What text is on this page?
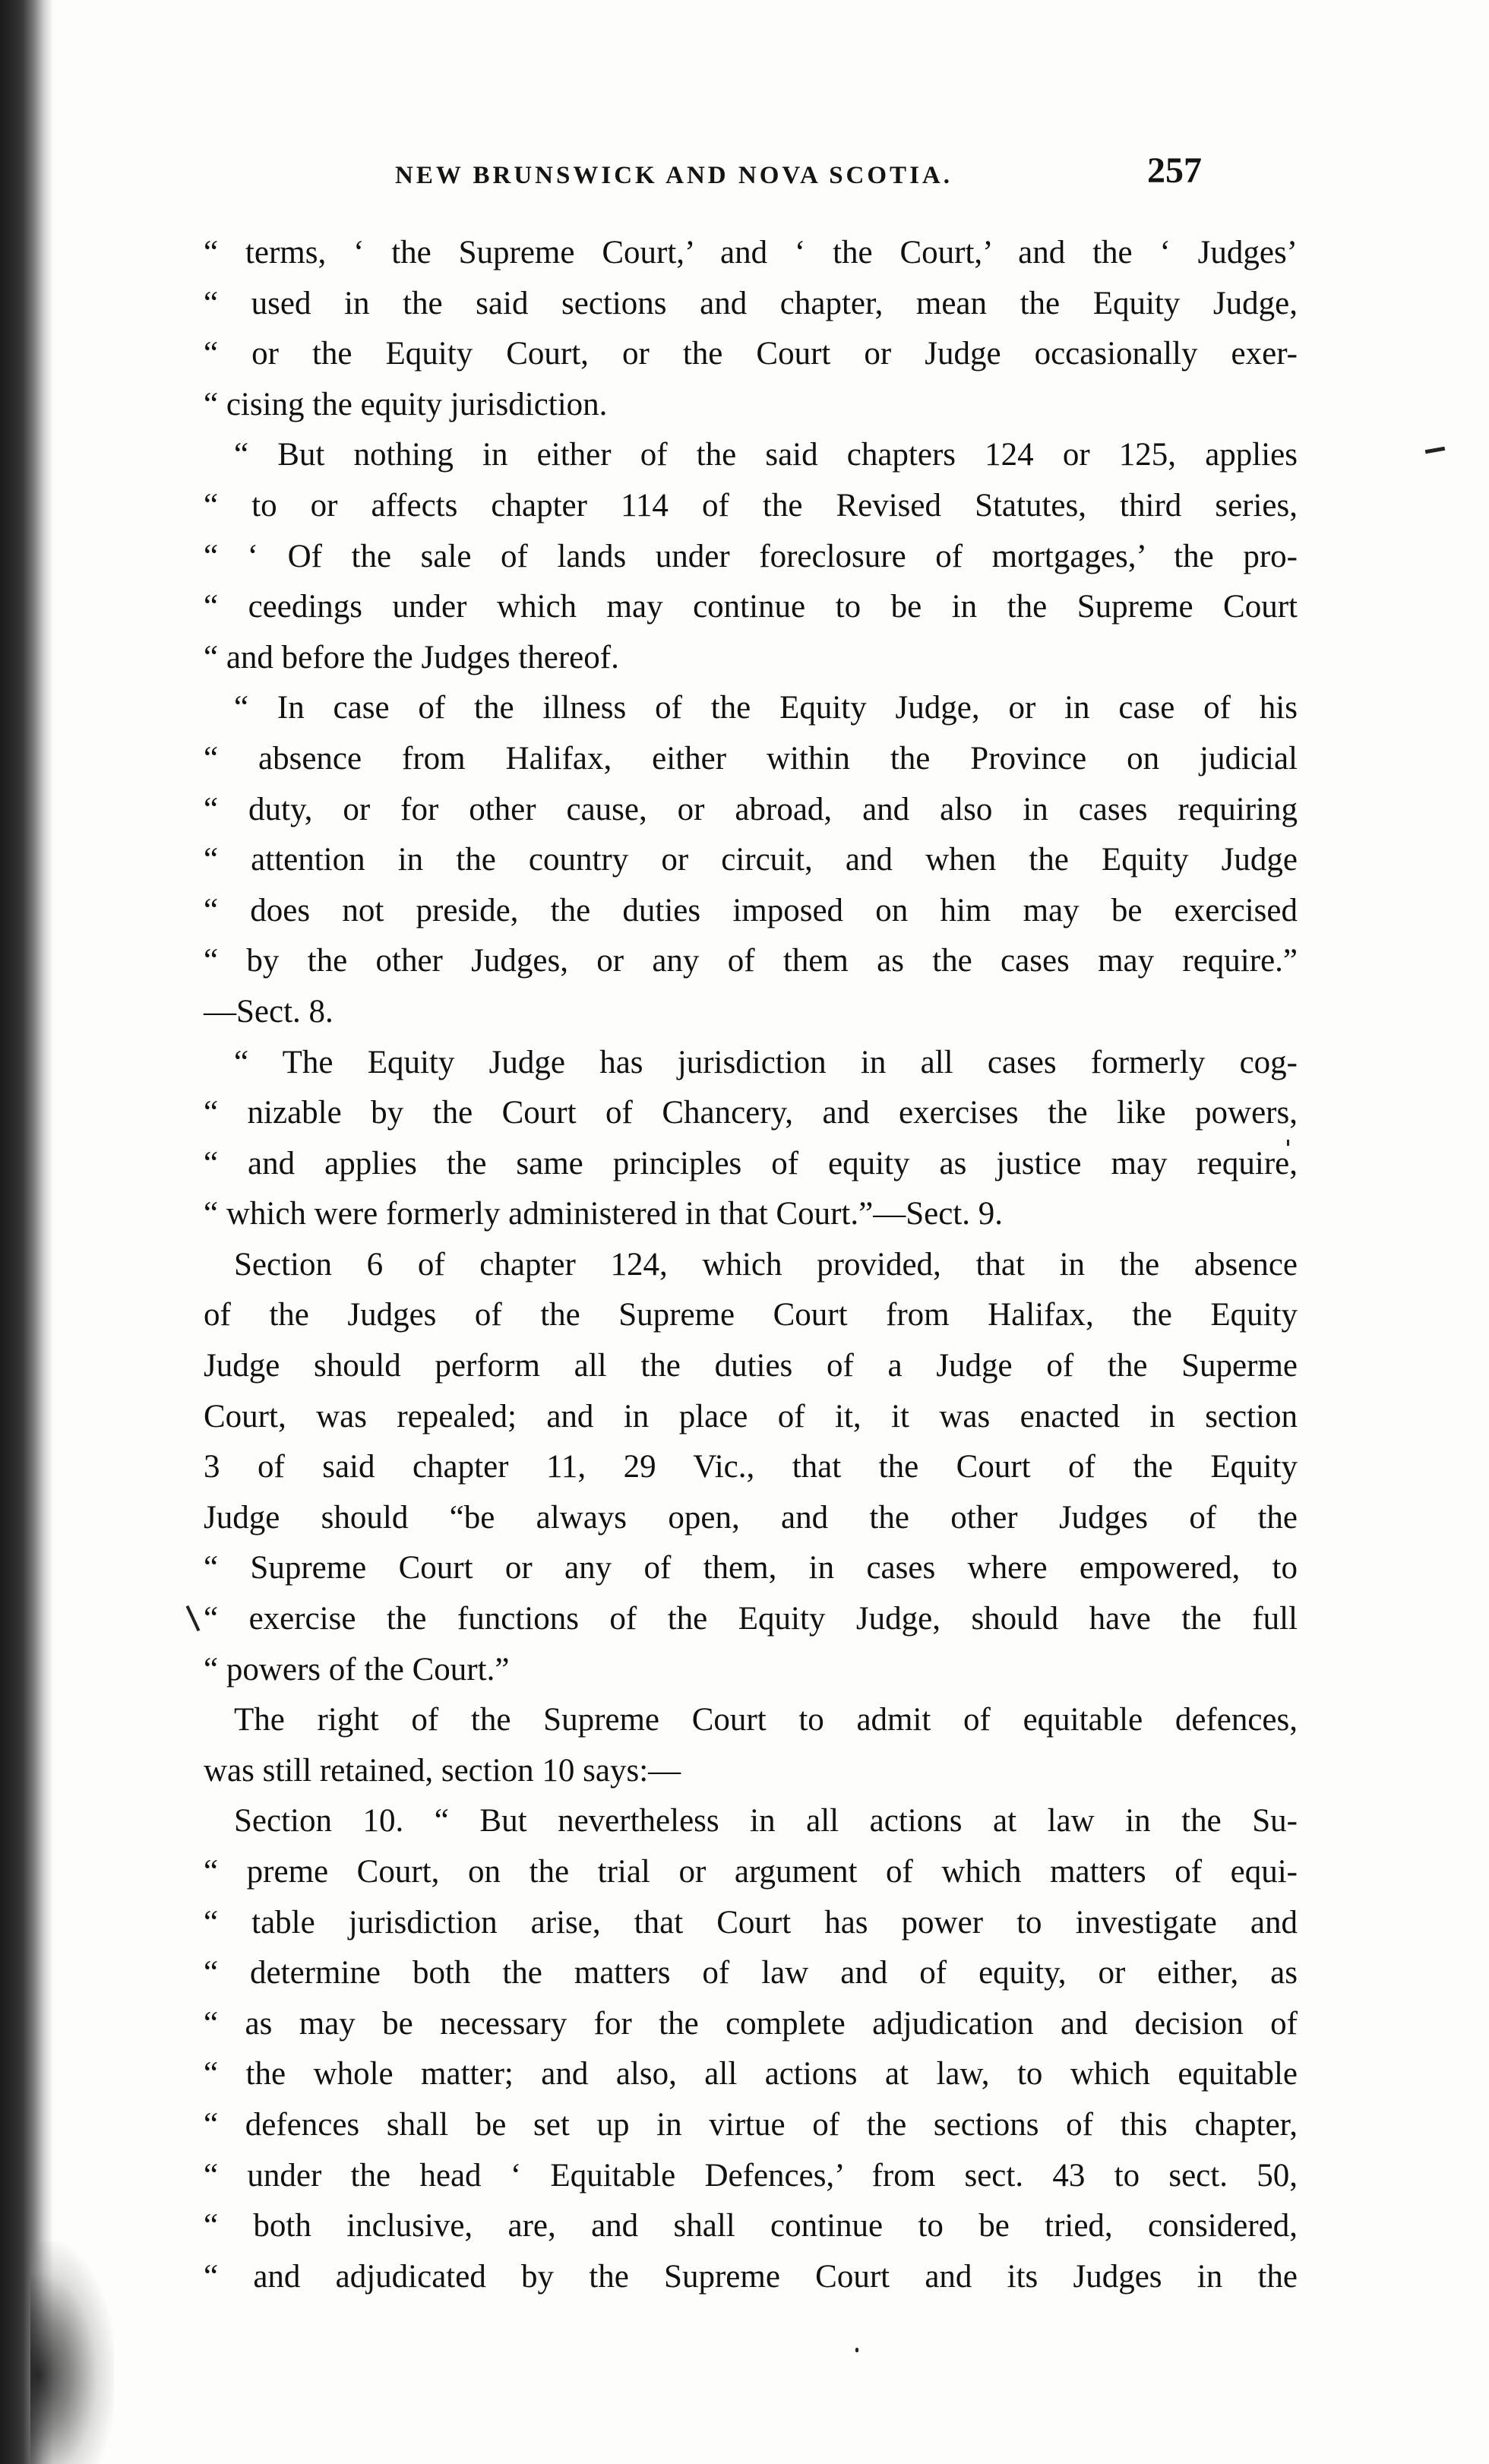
NEW BRUNSWICK AND NOVA SCOTIA.	257
“ terms, ‘ the Supreme Court,’ and ‘ the Court,’ and the ‘ Judges’
“ used in the said sections and chapter, mean the Equity Judge,
“ or the Equity Court, or the Court or Judge occasionally exer-
“ cising the equity jurisdiction.
“ But nothing in either of the said chapters 124 or 125, applies
“ to or affects chapter 114 of the Revised Statutes, third series,
“ ‘ Of the sale of lands under foreclosure of mortgages,’ the pro-
“ ceedings under which may continue to be in the Supreme Court
“ and before the Judges thereof.
“ In case of the illness of the Equity Judge, or in case of his
“ absence from Halifax, either within the Province on judicial
“ duty, or for other cause, or abroad, and also in cases requiring
“ attention in the country or circuit, and when the Equity Judge
“ does not preside, the duties imposed on him may be exercised
“ by the other Judges, or any of them as the cases may require.”
—Sect. 8.
“ The Equity Judge has jurisdiction in all cases formerly cog-
“ nizable by the Court of Chancery, and exercises the like powers,
“ and applies the same principles of equity as justice may require,
“ which were formerly administered in that Court.”—Sect. 9.
Section 6 of chapter 124, which provided, that in the absence
of the Judges of the Supreme Court from Halifax, the Equity
Judge should perform all the duties of a Judge of the Superme
Court, was repealed; and in place of it, it was enacted in section
3 of said chapter 11, 29 Vic., that the Court of the Equity
Judge should “be always open, and the other Judges of the
“ Supreme Court or any of them, in cases where empowered, to
“ exercise the functions of the Equity Judge, should have the full
“ powers of the Court.”
The right of the Supreme Court to admit of equitable defences,
was still retained, section 10 says:—
Section 10. “ But nevertheless in all actions at law in the Su-
“ preme Court, on the trial or argument of which matters of equi-
“ table jurisdiction arise, that Court has power to investigate and
“ determine both the matters of law and of equity, or either, as
“ as may be necessary for the complete adjudication and decision of
“ the whole matter; and also, all actions at law, to which equitable
“ defences shall be set up in virtue of the sections of this chapter,
“ under the head ‘ Equitable Defences,’ from sect. 43 to sect. 50,
“ both inclusive, are, and shall continue to be tried, considered,
“ and adjudicated by the Supreme Court and its Judges in the
